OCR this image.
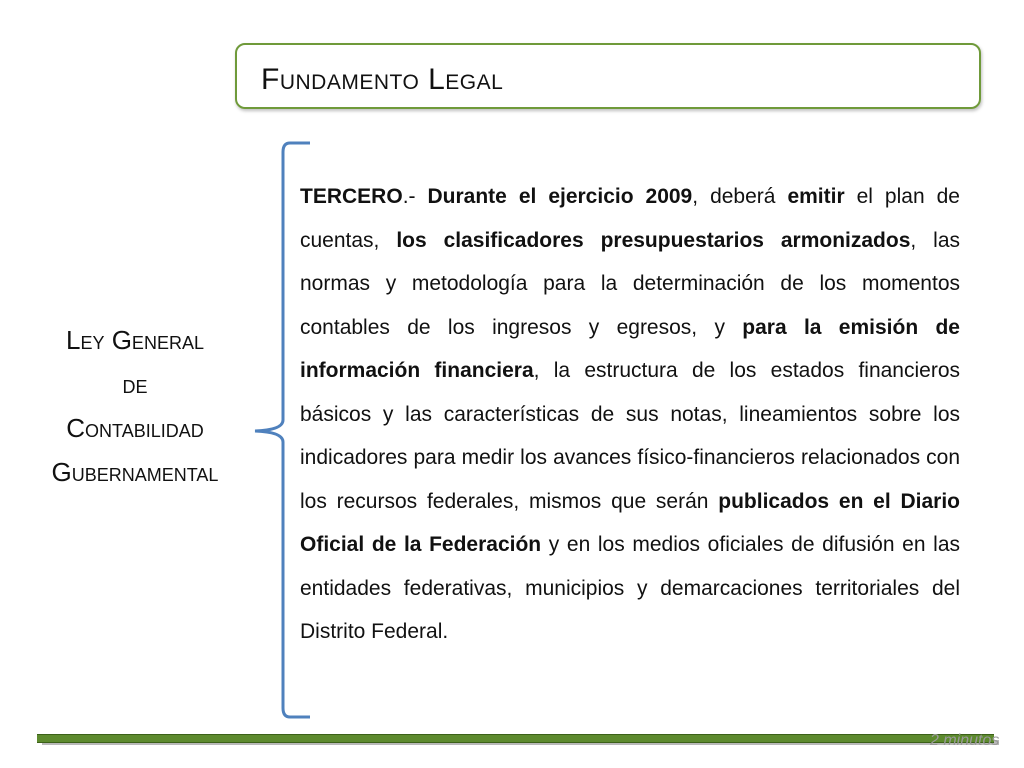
Fundamento Legal
Ley General
de
Contabilidad
Gubernamental
TERCERO.- Durante el ejercicio 2009, deberá emitir el plan de cuentas, los clasificadores presupuestarios armonizados, las normas y metodología para la determinación de los momentos contables de los ingresos y egresos, y para la emisión de información financiera, la estructura de los estados financieros básicos y las características de sus notas, lineamientos sobre los indicadores para medir los avances físico-financieros relacionados con los recursos federales, mismos que serán publicados en el Diario Oficial de la Federación y en los medios oficiales de difusión en las entidades federativas, municipios y demarcaciones territoriales del Distrito Federal.
2 minutos
